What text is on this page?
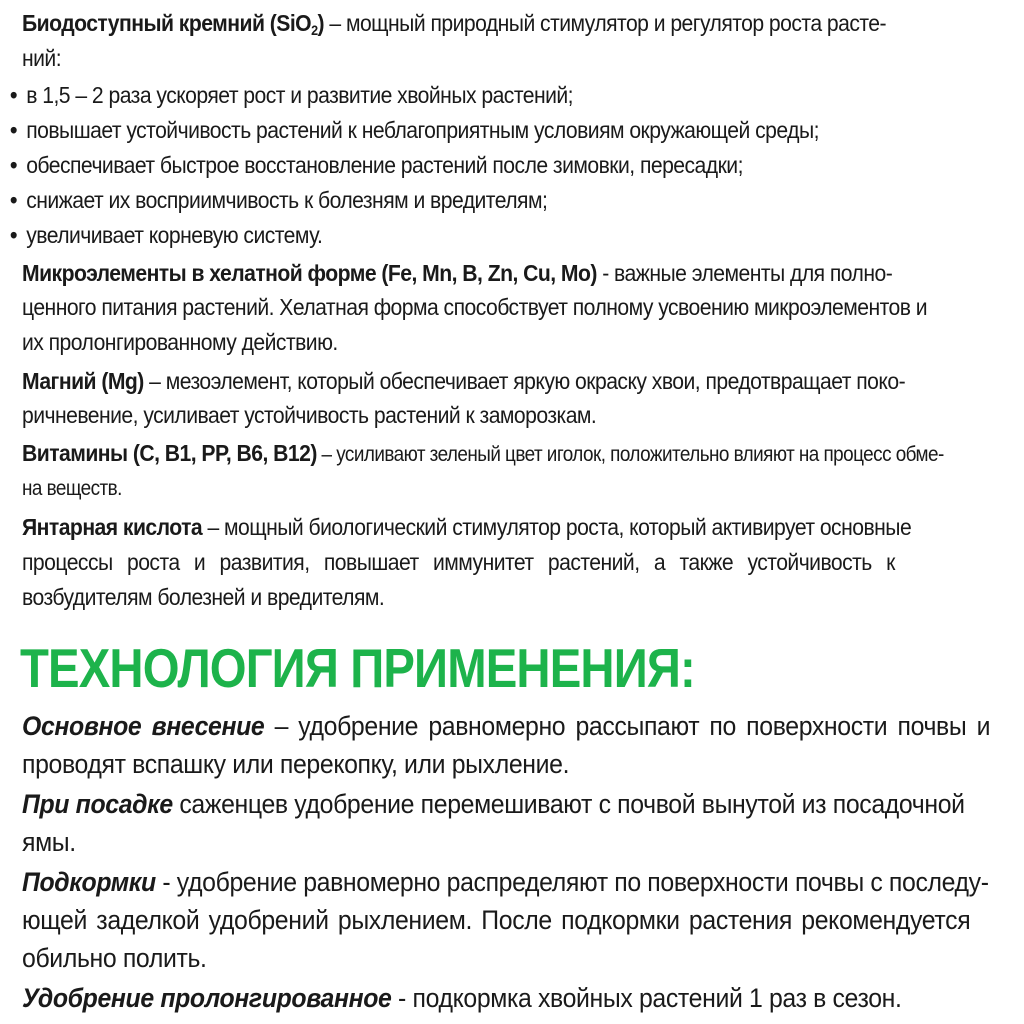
Биодоступный кремний (SiO$_2$) – мощный природный стимулятор и регулятор роста расте-
ний:
• в 1,5 – 2 раза ускоряет рост и развитие хвойных растений;
• повышает устойчивость растений к неблагоприятным условиям окружающей среды;
• обеспечивает быстрое восстановление растений после зимовки, пересадки;
• снижает их восприимчивость к болезням и вредителям;
• увеличивает корневую систему.
Микроэлементы в хелатной форме (Fe, Mn, B, Zn, Cu, Mo) - важные элементы для полно-
ценного питания растений. Хелатная форма способствует полному усвоению микроэлементов и
их пролонгированному действию.
Магний (Mg) – мезоэлемент, который обеспечивает яркую окраску хвои, предотвращает поко-
ричневение, усиливает устойчивость растений к заморозкам.
Витамины (C, B1, PP, B6, B12) – усиливают зеленый цвет иголок, положительно влияют на процесс обме-
на веществ.
Янтарная кислота – мощный биологический стимулятор роста, который активирует основные
процессы роста и развития, повышает иммунитет растений, а также устойчивость к
возбудителям болезней и вредителям.
ТЕХНОЛОГИЯ ПРИМЕНЕНИЯ:
Основное внесение – удобрение равномерно рассыпают по поверхности почвы и
проводят вспашку или перекопку, или рыхление.
При посадке саженцев удобрение перемешивают с почвой вынутой из посадочной
ямы.
Подкормки - удобрение равномерно распределяют по поверхности почвы с последу-
ющей заделкой удобрений рыхлением. После подкормки растения рекомендуется
обильно полить.
Удобрение пролонгированное - подкормка хвойных растений 1 раз в сезон.
